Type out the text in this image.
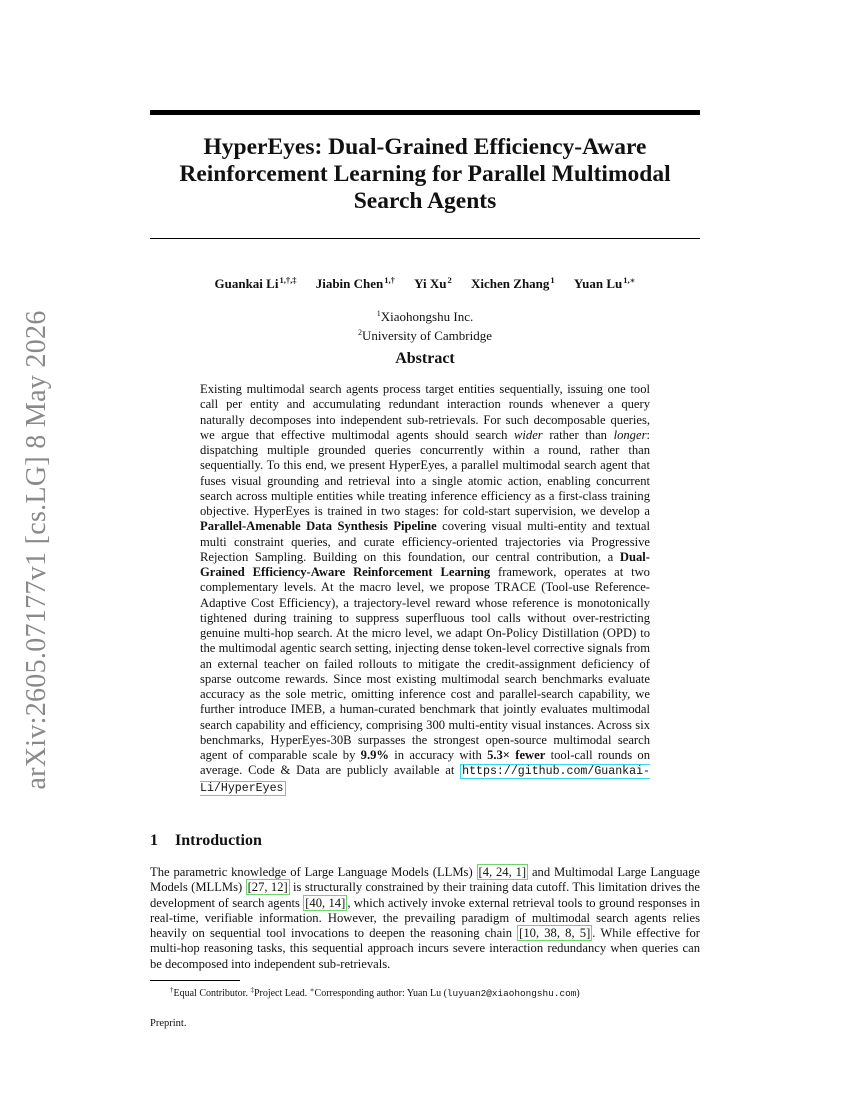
arXiv:2605.07177v1 [cs.LG] 8 May 2026
HyperEyes: Dual-Grained Efficiency-Aware
Reinforcement Learning for Parallel Multimodal
Search Agents
Guankai $Li^{1,\dagger,\ddagger}$ Jiabin Chen$^{1,\dagger}$ Yi Xu$^2$ Xichen Zhang$^1$ Yuan $Lu^{1,∗}$
$^1$Xiaohongshu Inc.
$^2$University of Cambridge
Abstract
Existing multimodal search agents process target entities sequentially, issuing one tool call per entity and accumulating redundant interaction rounds whenever a query naturally decomposes into independent sub-retrievals. For such decomposable queries, we argue that effective multimodal agents should search wider rather than longer: dispatching multiple grounded queries concurrently within a round, rather than sequentially. To this end, we present HyperEyes, a parallel multimodal search agent that fuses visual grounding and retrieval into a single atomic action, enabling concurrent search across multiple entities while treating inference efficiency as a first-class training objective. HyperEyes is trained in two stages: for cold-start supervision, we develop a Parallel-Amenable Data Synthesis Pipeline covering visual multi-entity and textual multi constraint queries, and curate efficiency-oriented trajectories via Progressive Rejection Sampling. Building on this foundation, our central contribution, a Dual-Grained Efficiency-Aware Reinforcement Learning framework, operates at two complementary levels. At the macro level, we propose TRACE (Tool-use Reference-Adaptive Cost Efficiency), a trajectory-level reward whose reference is monotonically tightened during training to suppress superfluous tool calls without over-restricting genuine multi-hop search. At the micro level, we adapt On-Policy Distillation (OPD) to the multimodal agentic search setting, injecting dense token-level corrective signals from an external teacher on failed rollouts to mitigate the credit-assignment deficiency of sparse outcome rewards. Since most existing multimodal search benchmarks evaluate accuracy as the sole metric, omitting inference cost and parallel-search capability, we further introduce IMEB, a human-curated benchmark that jointly evaluates multimodal search capability and efficiency, comprising 300 multi-entity visual instances. Across six benchmarks, HyperEyes-30B surpasses the strongest open-source multimodal search agent of comparable scale by 9.9% in accuracy with 5.3× fewer tool-call rounds on average. Code & Data are publicly available at https://github.com/Guankai-Li/HyperEyes
1 Introduction
The parametric knowledge of Large Language Models (LLMs) [4, 24, 1] and Multimodal Large Language Models (MLLMs) [27, 12] is structurally constrained by their training data cutoff. This limitation drives the development of search agents [40, 14] , which actively invoke external retrieval tools to ground responses in real-time, verifiable information. However, the prevailing paradigm of multimodal search agents relies heavily on sequential tool invocations to deepen the reasoning chain [10, 38, 8, 5] . While effective for multi-hop reasoning tasks, this sequential approach incurs severe interaction redundancy when queries can be decomposed into independent sub-retrievals.
†Equal Contributor. ‡Project Lead. ∗Corresponding author: Yuan Lu (luyuan2@xiaohongshu.com)
Preprint.
